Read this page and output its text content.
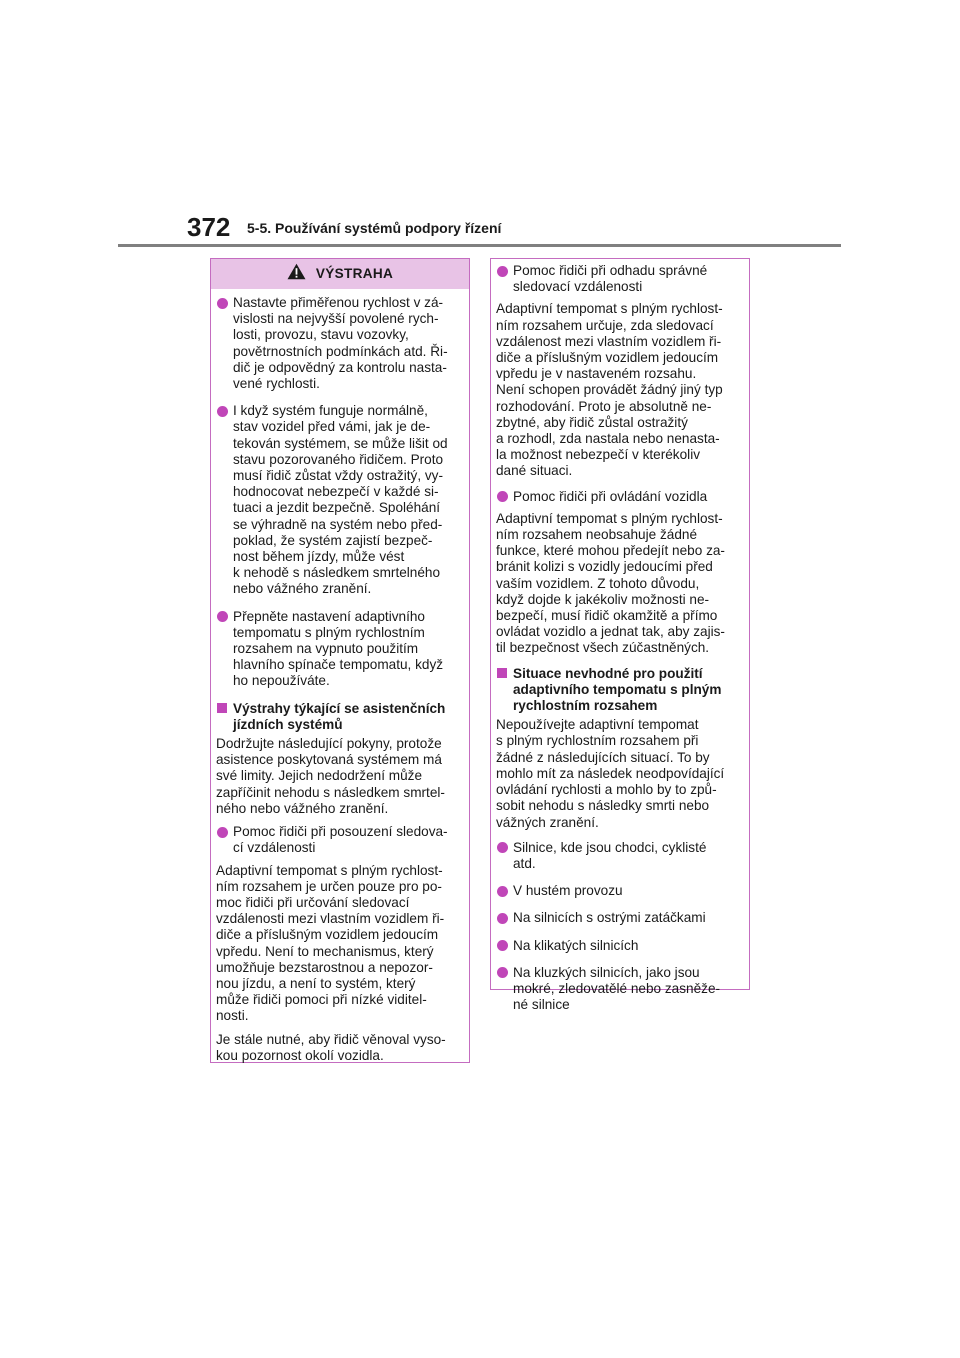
372 5-5. Používání systémů podpory řízení
VÝSTRAHA
Nastavte přiměřenou rychlost v zá-
vislosti na nejvyšší povolené rych-
losti, provozu, stavu vozovky,
povětrnostních podmínkách atd. Ři-
dič je odpovědný za kontrolu nasta-
vené rychlosti.
I když systém funguje normálně,
stav vozidel před vámi, jak je de-
tekován systémem, se může lišit od
stavu pozorovaného řidičem. Proto
musí řidič zůstat vždy ostražitý, vy-
hodnocovat nebezpečí v každé si-
tuaci a jezdit bezpečně. Spoléhání
se výhradně na systém nebo před-
poklad, že systém zajistí bezpeč-
nost během jízdy, může vést
k nehodě s následkem smrtelného
nebo vážného zranění.
Přepněte nastavení adaptivního
tempomatu s plným rychlostním
rozsahem na vypnuto použitím
hlavního spínače tempomatu, když
ho nepoužíváte.
Výstrahy týkající se asistenčních
jízdních systémů
Dodržujte následující pokyny, protože
asistence poskytovaná systémem má
své limity. Jejich nedodržení může
zapříčinit nehodu s následkem smrtel-
ného nebo vážného zranění.
Pomoc řidiči při posouzení sledova-
cí vzdálenosti
Adaptivní tempomat s plným rychlost-
ním rozsahem je určen pouze pro po-
moc řidiči při určování sledovací
vzdálenosti mezi vlastním vozidlem ři-
diče a příslušným vozidlem jedoucím
vpředu. Není to mechanismus, který
umožňuje bezstarostnou a nepozor-
nou jízdu, a není to systém, který
může řidiči pomoci při nízké viditel-
nosti.
Je stále nutné, aby řidič věnoval vyso-
kou pozornost okolí vozidla.
Pomoc řidiči při odhadu správné
sledovací vzdálenosti
Adaptivní tempomat s plným rychlost-
ním rozsahem určuje, zda sledovací
vzdálenost mezi vlastním vozidlem ři-
diče a příslušným vozidlem jedoucím
vpředu je v nastaveném rozsahu.
Není schopen provádět žádný jiný typ
rozhodování. Proto je absolutně ne-
zbytné, aby řidič zůstal ostražitý
a rozhodl, zda nastala nebo nenasta-
la možnost nebezpečí v kterékoliv
dané situaci.
Pomoc řidiči při ovládání vozidla
Adaptivní tempomat s plným rychlost-
ním rozsahem neobsahuje žádné
funkce, které mohou předejít nebo za-
bránit kolizi s vozidly jedoucími před
vaším vozidlem. Z tohoto důvodu,
když dojde k jakékoliv možnosti ne-
bezpečí, musí řidič okamžitě a přímo
ovládat vozidlo a jednat tak, aby zajis-
til bezpečnost všech zúčastněných.
Situace nevhodné pro použití
adaptivního tempomatu s plným
rychlostním rozsahem
Nepoužívejte adaptivní tempomat
s plným rychlostním rozsahem při
žádné z následujících situací. To by
mohlo mít za následek neodpovídající
ovládání rychlosti a mohlo by to způ-
sobit nehodu s následky smrti nebo
vážných zranění.
Silnice, kde jsou chodci, cyklisté
atd.
V hustém provozu
Na silnicích s ostrými zatáčkami
Na klikatých silnicích
Na kluzkých silnicích, jako jsou
mokré, zledovatělé nebo zasněže-
né silnice
